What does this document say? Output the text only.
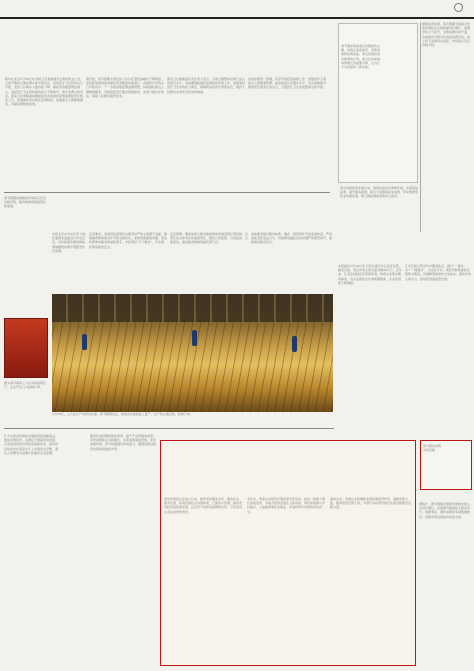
新华社北京1月30日电 国家卫生健康委员会新闻发言人表示春节期间全国疫情总体平稳有序，各地医疗卫生机构运行平稳，发热门诊就诊人数持续下降，重症患者数量明显减少，基层医疗卫生机构服务能力不断提升，医疗资源总体充足。国家卫生健康委将继续指导各地做好疫情监测和医疗救治工作，统筹做好农村地区疫情防控，加强重点人群健康服务，巩固疫情防控成果。
据介绍，春节假期全国发热门诊诊疗量较高峰时下降明显，在院新冠病毒感染重症患者数量持续减少，各级医疗机构运行平稳有序。下一步将加强疫情监测预警，持续做好重点人群健康服务，巩固基层医疗服务网络建设，完善分级诊疗体系，保障人民群众就医需求。
国家卫生健康委有关负责人表示，当前全国整体疫情已进入低流行水平，各地要继续做好疫情防控各项工作，加强基层医疗卫生机构能力建设，保障药品和医疗物资供应，维护人民群众生命安全和身体健康。
各地按照统一部署，有序开展疫苗接种工作，加强老年人等重点人群健康管理，提高基层诊疗服务水平，切实保障春节期间医疗服务正常运行，全国医疗卫生系统整体运转平稳。
春节期间海南离岛免税销售火爆，免税店客流如织，消费者购物热情高涨。离岛免税政策持续释放红利，成为拉动海南消费增长的重要引擎，也为扩大内需提供了新动能。
离岛免税政策实施以来，海南持续优化购物环境，丰富商品品类，提升服务质量，吸引大量游客前来消费，带动旅游零售业快速发展，助力国际旅游消费中心建设。
据商务部监测，春节假期全国重点零售和餐饮企业销售额同比增长，消费市场人气回升，文旅消费持续升温，各地推出丰富多彩的促消费活动，线上线下消费同步活跃，市场供应充足价格平稳。
春节假期各地粮食市场供应充足价格平稳，粮食购销领域监管持续加强。
本报北京1月30日讯 中央纪委国家监委近日印发意见，对持续深化粮食购销领域腐败问题专项整治作出部署。
意见要求，各级纪检监察机关要坚持严的主基调不动摇，聚焦粮食购销重点环节和关键岗位，深挖彻查腐败问题，坚决斩断伸向粮食领域的黑手，守住管好“天下粮仓”，切实维护国家粮食安全。
意见强调，要推动建立健全粮食购销领域监管长效机制，压紧压实主体责任和监督责任，强化日常监督，以案促改、以案促治，推动粮食购销领域风清气正。
各地要加强对粮食收购、储存、销售等环节的监督检查，严肃查处违纪违法行为，持续释放越往后执纪越严的强烈信号，保障国家粮食安全。
图为春节期间工人在车间加紧生产，企业开足马力赶制订单。
1月30日，工人在生产车间内忙碌。春节假期过后，各地企业陆续复工复产，生产线全速运转，赶制订单。
本报重庆1月30日讯 记者从重庆市江北区获悉，截至目前，该区市场主体总量突破30万户。近年来，江北区持续优化营商环境，构建企业帮办服务体系，为企业提供全生命周期服务，企业获得感不断增强。
江北区建立帮办代办服务队伍，推行“一窗综办”“一网通办”，为企业开办、项目审批等提供全程帮办服务，有效降低制度性交易成本，激发市场主体活力，推动经济高质量发展。
扩大内需是构建新发展格局的战略基点。激活有效需求，关键在于提高供给质量，以高质量供给引领和创造新需求，推动供给和需求在更高水平上实现动态平衡，满足人民群众日益增长的美好生活需要。
要深化供给侧结构性改革，提升产品和服务质量，培育消费新业态新模式，完善消费基础设施，优化消费环境，充分挖掘国内市场潜力，增强消费对经济发展的基础性作用。
贵州省贵商总会成立以来，始终坚持服务会员、服务社会、服务发展，积极搭建政企沟通桥梁，汇聚各方资源，推动贵州经济高质量发展。总会充分发挥贵商群体优势，引导会员企业投身贵州建设。
多年来，贵商总会组织开展招商引资活动，促成一批重大项目落地贵州，为地方经济发展注入新动能。同时积极参与乡村振兴、公益慈善等社会事业，彰显新时代贵商的责任担当。
面向未来，贵商总会将继续发挥桥梁纽带作用，凝聚贵商力量，服务贵州发展大局，为谱写多彩贵州现代化建设新篇章贡献力量。
春节期间消费市场回暖
据统计，春节假期全国国内旅游出游人次同比增长，实现国内旅游收入稳步回升。电影票房、餐饮消费等多项数据向好，消费市场呈现加快恢复态势。
